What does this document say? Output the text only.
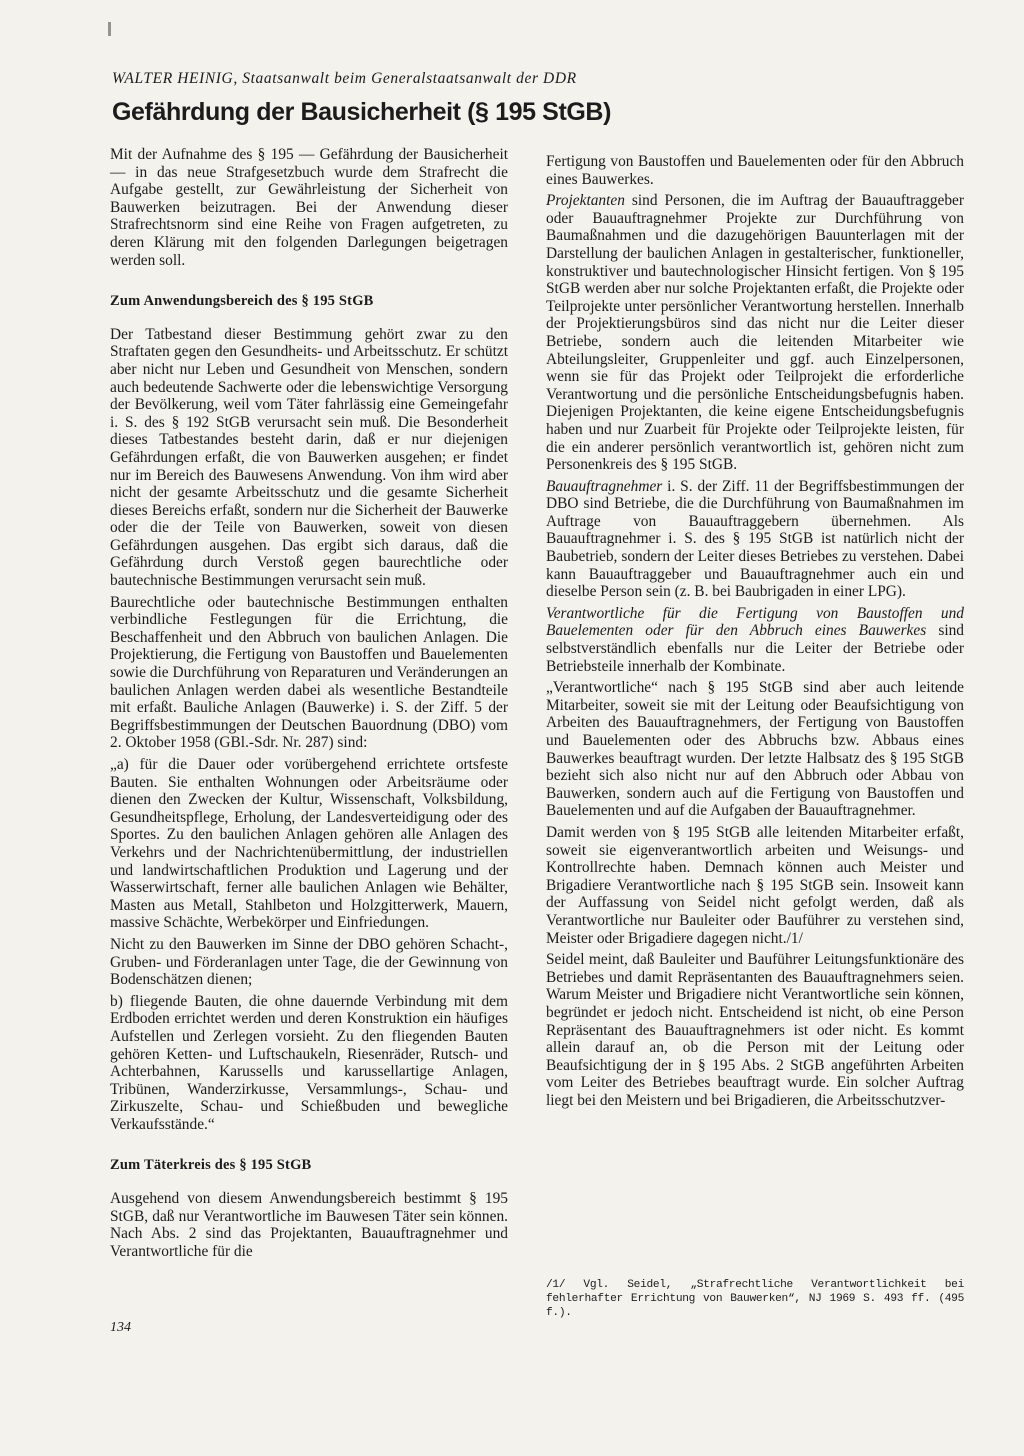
WALTER HEINIG, Staatsanwalt beim Generalstaatsanwalt der DDR
Gefährdung der Bausicherheit (§ 195 StGB)

Mit der Aufnahme des § 195 — Gefährdung der Bausicherheit — in das neue Strafgesetzbuch wurde dem Strafrecht die Aufgabe gestellt, zur Gewährleistung der Sicherheit von Bauwerken beizutragen. Bei der Anwendung dieser Strafrechtsnorm sind eine Reihe von Fragen aufgetreten, zu deren Klärung mit den folgenden Darlegungen beigetragen werden soll.

Zum Anwendungsbereich des § 195 StGB

Der Tatbestand dieser Bestimmung gehört zwar zu den Straftaten gegen den Gesundheits- und Arbeitsschutz. Er schützt aber nicht nur Leben und Gesundheit von Menschen, sondern auch bedeutende Sachwerte oder die lebenswichtige Versorgung der Bevölkerung, weil vom Täter fahrlässig eine Gemeingefahr i. S. des § 192 StGB verursacht sein muß. Die Besonderheit dieses Tatbestandes besteht darin, daß er nur diejenigen Gefährdungen erfaßt, die von Bauwerken ausgehen; er findet nur im Bereich des Bauwesens Anwendung. Von ihm wird aber nicht der gesamte Arbeitsschutz und die gesamte Sicherheit dieses Bereichs erfaßt, sondern nur die Sicherheit der Bauwerke oder die der Teile von Bauwerken, soweit von diesen Gefährdungen ausgehen. Das ergibt sich daraus, daß die Gefährdung durch Verstoß gegen baurechtliche oder bautechnische Bestimmungen verursacht sein muß.

Baurechtliche oder bautechnische Bestimmungen enthalten verbindliche Festlegungen für die Errichtung, die Beschaffenheit und den Abbruch von baulichen Anlagen. Die Projektierung, die Fertigung von Baustoffen und Bauelementen sowie die Durchführung von Reparaturen und Veränderungen an baulichen Anlagen werden dabei als wesentliche Bestandteile mit erfaßt. Bauliche Anlagen (Bauwerke) i. S. der Ziff. 5 der Begriffsbestimmungen der Deutschen Bauordnung (DBO) vom 2. Oktober 1958 (GBl.-Sdr. Nr. 287) sind:

„a) für die Dauer oder vorübergehend errichtete ortsfeste Bauten. Sie enthalten Wohnungen oder Arbeitsräume oder dienen den Zwecken der Kultur, Wissenschaft, Volksbildung, Gesundheitspflege, Erholung, der Landesverteidigung oder des Sportes. Zu den baulichen Anlagen gehören alle Anlagen des Verkehrs und der Nachrichtenübermittlung, der industriellen und landwirtschaftlichen Produktion und Lagerung und der Wasserwirtschaft, ferner alle baulichen Anlagen wie Behälter, Masten aus Metall, Stahlbeton und Holzgitterwerk, Mauern, massive Schächte, Werbekörper und Einfriedungen.

Nicht zu den Bauwerken im Sinne der DBO gehören Schacht-, Gruben- und Förderanlagen unter Tage, die der Gewinnung von Bodenschätzen dienen;

b) fliegende Bauten, die ohne dauernde Verbindung mit dem Erdboden errichtet werden und deren Konstruktion ein häufiges Aufstellen und Zerlegen vorsieht. Zu den fliegenden Bauten gehören Ketten- und Luftschaukeln, Riesenräder, Rutsch- und Achterbahnen, Karussells und karussellartige Anlagen, Tribünen, Wanderzirkusse, Versammlungs-, Schau- und Zirkuszelte, Schau- und Schießbuden und bewegliche Verkaufsstände.“

Zum Täterkreis des § 195 StGB

Ausgehend von diesem Anwendungsbereich bestimmt § 195 StGB, daß nur Verantwortliche im Bauwesen Täter sein können. Nach Abs. 2 sind das Projektanten, Bauauftragnehmer und Verantwortliche für die

Fertigung von Baustoffen und Bauelementen oder für den Abbruch eines Bauwerkes.

Projektanten sind Personen, die im Auftrag der Bauauftraggeber oder Bauauftragnehmer Projekte zur Durchführung von Baumaßnahmen und die dazugehörigen Bauunterlagen mit der Darstellung der baulichen Anlagen in gestalterischer, funktioneller, konstruktiver und bautechnologischer Hinsicht fertigen. Von § 195 StGB werden aber nur solche Projektanten erfaßt, die Projekte oder Teilprojekte unter persönlicher Verantwortung herstellen. Innerhalb der Projektierungsbüros sind das nicht nur die Leiter dieser Betriebe, sondern auch die leitenden Mitarbeiter wie Abteilungsleiter, Gruppenleiter und ggf. auch Einzelpersonen, wenn sie für das Projekt oder Teilprojekt die erforderliche Verantwortung und die persönliche Entscheidungsbefugnis haben. Diejenigen Projektanten, die keine eigene Entscheidungsbefugnis haben und nur Zuarbeit für Projekte oder Teilprojekte leisten, für die ein anderer persönlich verantwortlich ist, gehören nicht zum Personenkreis des § 195 StGB.

Bauauftragnehmer i. S. der Ziff. 11 der Begriffsbestimmungen der DBO sind Betriebe, die die Durchführung von Baumaßnahmen im Auftrage von Bauauftraggebern übernehmen. Als Bauauftragnehmer i. S. des § 195 StGB ist natürlich nicht der Baubetrieb, sondern der Leiter dieses Betriebes zu verstehen. Dabei kann Bauauftraggeber und Bauauftragnehmer auch ein und dieselbe Person sein (z. B. bei Baubrigaden in einer LPG).

Verantwortliche für die Fertigung von Baustoffen und Bauelementen oder für den Abbruch eines Bauwerkes sind selbstverständlich ebenfalls nur die Leiter der Betriebe oder Betriebsteile innerhalb der Kombinate.

„Verantwortliche“ nach § 195 StGB sind aber auch leitende Mitarbeiter, soweit sie mit der Leitung oder Beaufsichtigung von Arbeiten des Bauauftragnehmers, der Fertigung von Baustoffen und Bauelementen oder des Abbruchs bzw. Abbaus eines Bauwerkes beauftragt wurden. Der letzte Halbsatz des § 195 StGB bezieht sich also nicht nur auf den Abbruch oder Abbau von Bauwerken, sondern auch auf die Fertigung von Baustoffen und Bauelementen und auf die Aufgaben der Bauauftragnehmer.

Damit werden von § 195 StGB alle leitenden Mitarbeiter erfaßt, soweit sie eigenverantwortlich arbeiten und Weisungs- und Kontrollrechte haben. Demnach können auch Meister und Brigadiere Verantwortliche nach § 195 StGB sein. Insoweit kann der Auffassung von Seidel nicht gefolgt werden, daß als Verantwortliche nur Bauleiter oder Bauführer zu verstehen sind, Meister oder Brigadiere dagegen nicht./1/

Seidel meint, daß Bauleiter und Bauführer Leitungsfunktionäre des Betriebes und damit Repräsentanten des Bauauftragnehmers seien. Warum Meister und Brigadiere nicht Verantwortliche sein können, begründet er jedoch nicht. Entscheidend ist nicht, ob eine Person Repräsentant des Bauauftragnehmers ist oder nicht. Es kommt allein darauf an, ob die Person mit der Leitung oder Beaufsichtigung der in § 195 Abs. 2 StGB angeführten Arbeiten vom Leiter des Betriebes beauftragt wurde. Ein solcher Auftrag liegt bei den Meistern und bei Brigadieren, die Arbeitsschutzver-

/1/ Vgl. Seidel, „Strafrechtliche Verantwortlichkeit bei fehlerhafter Errichtung von Bauwerken“, NJ 1969 S. 493 ff. (495 f.).
134
